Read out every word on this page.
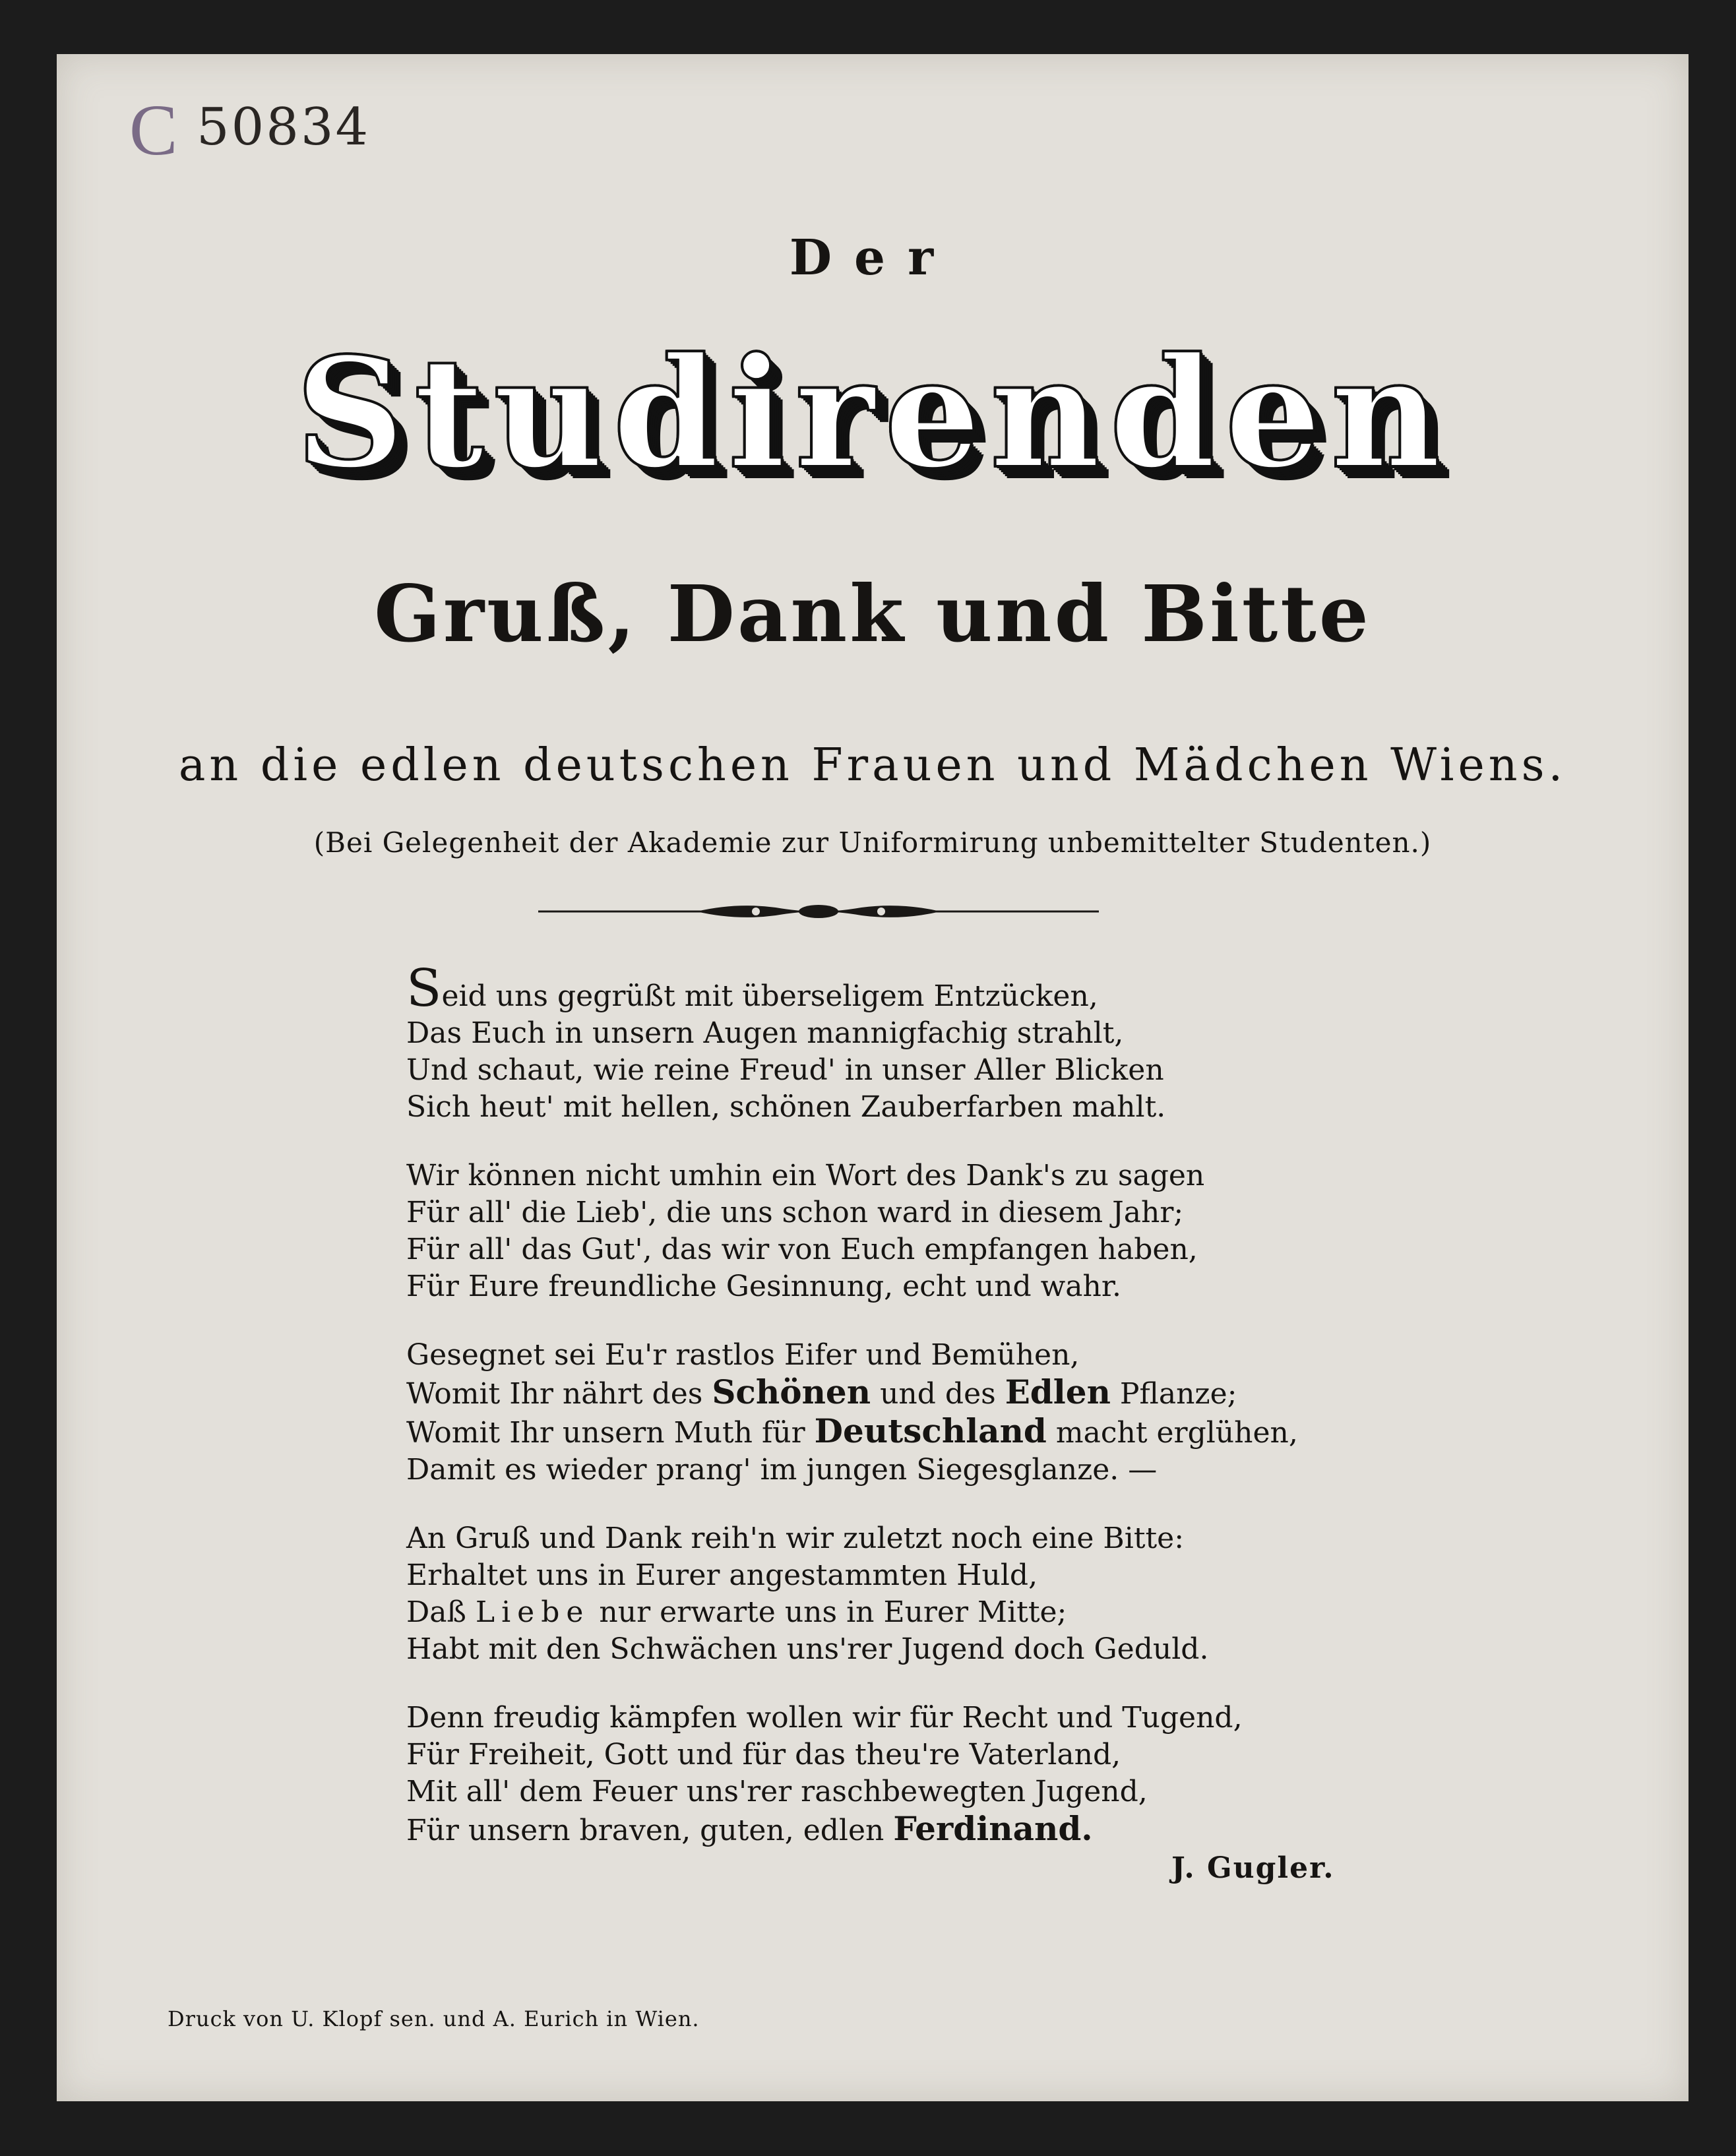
C 50834
Der
Studirenden
Gruß, Dank und Bitte
an die edlen deutschen Frauen und Mädchen Wiens.
(Bei Gelegenheit der Akademie zur Uniformirung unbemittelter Studenten.)
Seid uns gegrüßt mit überseligem Entzücken,
Das Euch in unsern Augen mannigfachig strahlt,
Und schaut, wie reine Freud' in unser Aller Blicken
Sich heut' mit hellen, schönen Zauberfarben mahlt.
Wir können nicht umhin ein Wort des Dank's zu sagen
Für all' die Lieb', die uns schon ward in diesem Jahr;
Für all' das Gut', das wir von Euch empfangen haben,
Für Eure freundliche Gesinnung, echt und wahr.
Gesegnet sei Eu'r rastlos Eifer und Bemühen,
Womit Ihr nährt des Schönen und des Edlen Pflanze;
Womit Ihr unsern Muth für Deutschland macht erglühen,
Damit es wieder prang' im jungen Siegesglanze. —
An Gruß und Dank reih'n wir zuletzt noch eine Bitte:
Erhaltet uns in Eurer angestammten Huld,
Daß Liebe nur erwarte uns in Eurer Mitte;
Habt mit den Schwächen uns'rer Jugend doch Geduld.
Denn freudig kämpfen wollen wir für Recht und Tugend,
Für Freiheit, Gott und für das theu're Vaterland,
Mit all' dem Feuer uns'rer raschbewegten Jugend,
Für unsern braven, guten, edlen Ferdinand.
J. Gugler.
Druck von U. Klopf sen. und A. Eurich in Wien.
